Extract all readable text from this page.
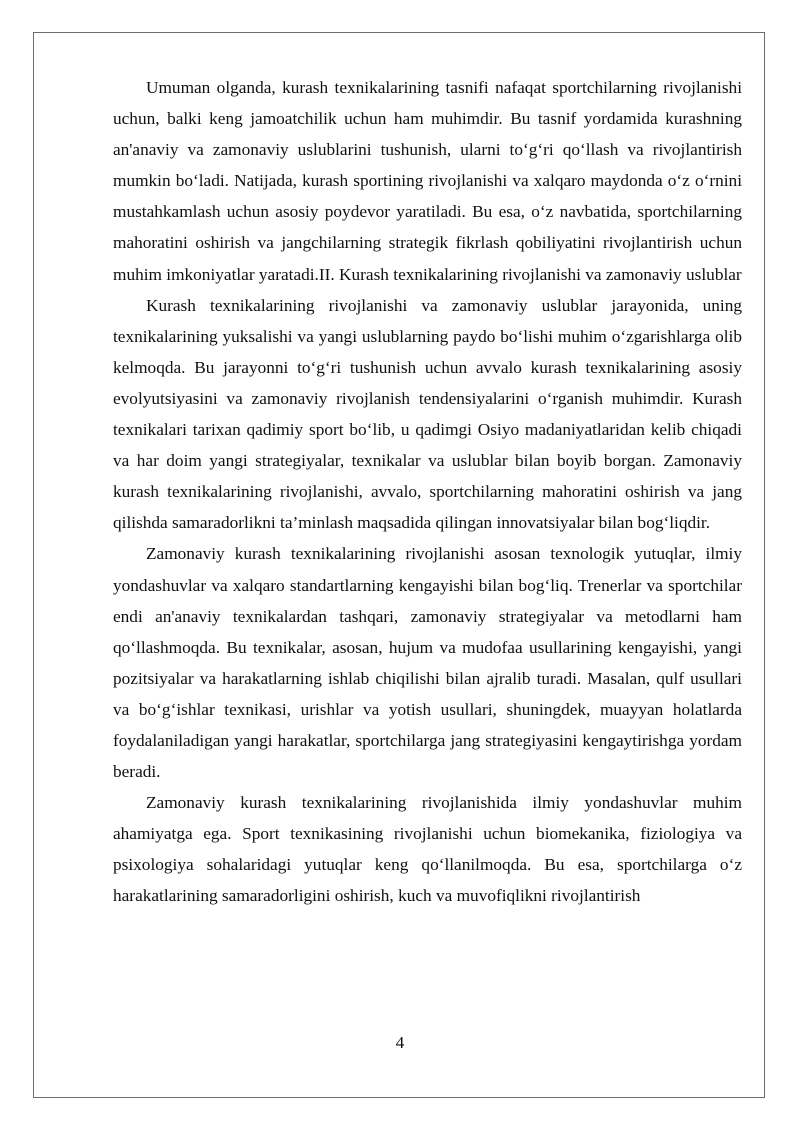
Umuman olganda, kurash texnikalarining tasnifi nafaqat sportchilarning rivojlanishi uchun, balki keng jamoatchilik uchun ham muhimdir. Bu tasnif yordamida kurashning an'anaviy va zamonaviy uslublarini tushunish, ularni to‘g‘ri qo‘llash va rivojlantirish mumkin bo‘ladi. Natijada, kurash sportining rivojlanishi va xalqaro maydonda o‘z o‘rnini mustahkamlash uchun asosiy poydevor yaratiladi. Bu esa, o‘z navbatida, sportchilarning mahoratini oshirish va jangchilarning strategik fikrlash qobiliyatini rivojlantirish uchun muhim imkoniyatlar yaratadi.II. Kurash texnikalarining rivojlanishi va zamonaviy uslublar

Kurash texnikalarining rivojlanishi va zamonaviy uslublar jarayonida, uning texnikalarining yuksalishi va yangi uslublarning paydo bo‘lishi muhim o‘zgarishlarga olib kelmoqda. Bu jarayonni to‘g‘ri tushunish uchun avvalo kurash texnikalarining asosiy evolyutsiyasini va zamonaviy rivojlanish tendensiyalarini o‘rganish muhimdir. Kurash texnikalari tarixan qadimiy sport bo‘lib, u qadimgi Osiyo madaniyatlaridan kelib chiqadi va har doim yangi strategiyalar, texnikalar va uslublar bilan boyib borgan. Zamonaviy kurash texnikalarining rivojlanishi, avvalo, sportchilarning mahoratini oshirish va jang qilishda samaradorlikni ta’minlash maqsadida qilingan innovatsiyalar bilan bog‘liqdir.

Zamonaviy kurash texnikalarining rivojlanishi asosan texnologik yutuqlar, ilmiy yondashuvlar va xalqaro standartlarning kengayishi bilan bog‘liq. Trenerlar va sportchilar endi an'anaviy texnikalardan tashqari, zamonaviy strategiyalar va metodlarni ham qo‘llashmoqda. Bu texnikalar, asosan, hujum va mudofaa usullarining kengayishi, yangi pozitsiyalar va harakatlarning ishlab chiqilishi bilan ajralib turadi. Masalan, qulf usullari va bo‘g‘ishlar texnikasi, urishlar va yotish usullari, shuningdek, muayyan holatlarda foydalaniladigan yangi harakatlar, sportchilarga jang strategiyasini kengaytirishga yordam beradi.

Zamonaviy kurash texnikalarining rivojlanishida ilmiy yondashuvlar muhim ahamiyatga ega. Sport texnikasining rivojlanishi uchun biomekanika, fiziologiya va psixologiya sohalaridagi yutuqlar keng qo‘llanilmoqda. Bu esa, sportchilarga o‘z harakatlarining samaradorligini oshirish, kuch va muvofiqlikni rivojlantirish

4
